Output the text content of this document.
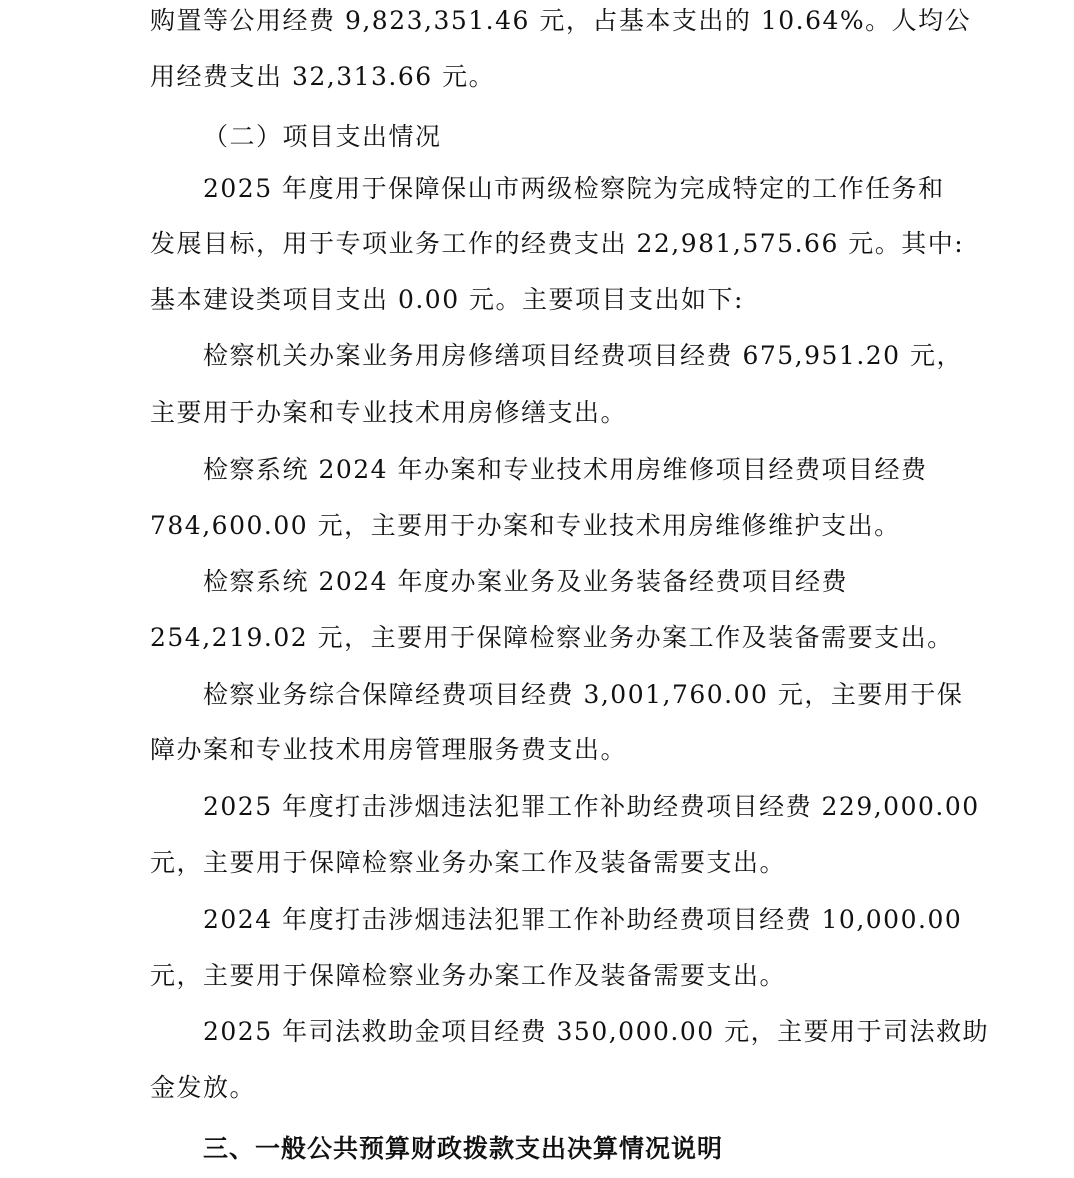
购置等公用经费 9,823,351.46 元，占基本支出的 10.64%。人均公
用经费支出 32,313.66 元。
（二）项目支出情况
2025 年度用于保障保山市两级检察院为完成特定的工作任务和
发展目标，用于专项业务工作的经费支出 22,981,575.66 元。其中:
基本建设类项目支出 0.00 元。主要项目支出如下:
检察机关办案业务用房修缮项目经费项目经费 675,951.20 元，
主要用于办案和专业技术用房修缮支出。
检察系统 2024 年办案和专业技术用房维修项目经费项目经费
784,600.00 元，主要用于办案和专业技术用房维修维护支出。
检察系统 2024 年度办案业务及业务装备经费项目经费
254,219.02 元，主要用于保障检察业务办案工作及装备需要支出。
检察业务综合保障经费项目经费 3,001,760.00 元，主要用于保
障办案和专业技术用房管理服务费支出。
2025 年度打击涉烟违法犯罪工作补助经费项目经费 229,000.00
元，主要用于保障检察业务办案工作及装备需要支出。
2024 年度打击涉烟违法犯罪工作补助经费项目经费 10,000.00
元，主要用于保障检察业务办案工作及装备需要支出。
2025 年司法救助金项目经费 350,000.00 元，主要用于司法救助
金发放。
三、一般公共预算财政拨款支出决算情况说明
